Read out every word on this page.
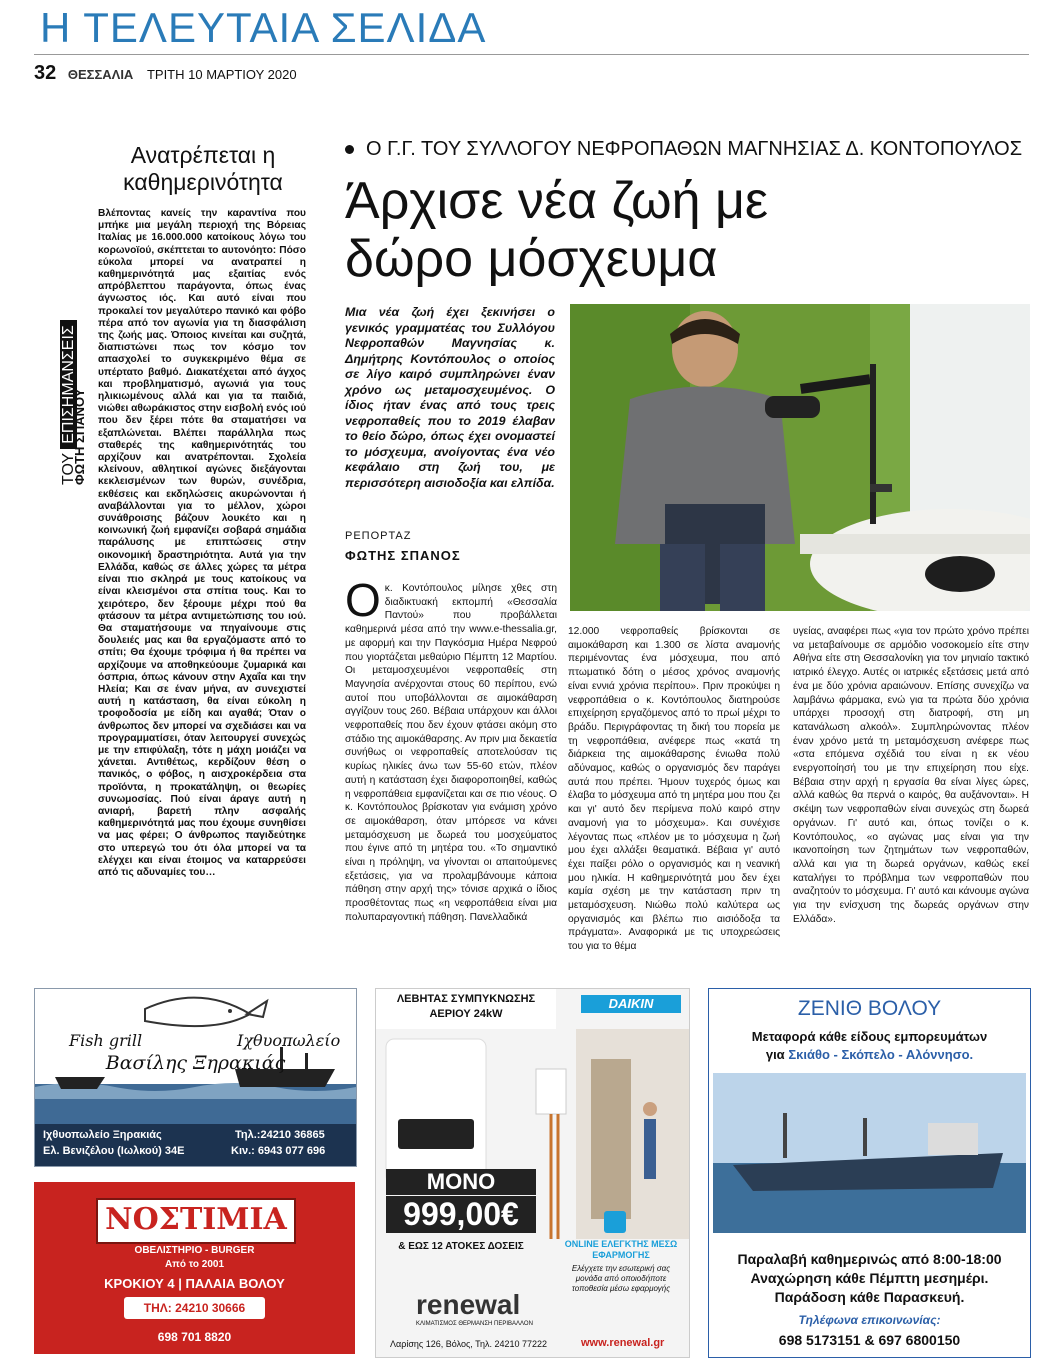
Η ΤΕΛΕΥΤΑΙΑ ΣΕΛΙΔΑ
32 ΘΕΣΣΑΛΙΑ ΤΡΙΤΗ 10 ΜΑΡΤΙΟΥ 2020
ΤΟΥ ΕΠΙΣΗΜΑΝΣΕΙΣ
ΦΩΤΗ ΣΠΑΝΟΥ
Ανατρέπεται η καθημερινότητα
Βλέποντας κανείς την καραντίνα που μπήκε μια μεγάλη περιοχή της Βόρειας Ιταλίας με 16.000.000 κατοίκους λόγω του κορωνοϊού, σκέπτεται το αυτονόητο: Πόσο εύκολα μπορεί να ανατραπεί η καθημερινότητά μας εξαιτίας ενός απρόβλεπτου παράγοντα, όπως ένας άγνωστος ιός. Και αυτό είναι που προκαλεί τον μεγαλύτερο πανικό και φόβο πέρα από τον αγωνία για τη διασφάλιση της ζωής μας. Όποιος κινείται και συζητά, διαπιστώνει πως τον κόσμο τον απασχολεί το συγκεκριμένο θέμα σε υπέρτατο βαθμό. Διακατέχεται από άγχος και προβληματισμό, αγωνιά για τους ηλικιωμένους αλλά και για τα παιδιά, νιώθει αθωράκιστος στην εισβολή ενός ιού που δεν ξέρει πότε θα σταματήσει να εξαπλώνεται. Βλέπει παράλληλα πως σταθερές της καθημερινότητάς του αρχίζουν και ανατρέπονται. Σχολεία κλείνουν, αθλητικοί αγώνες διεξάγονται κεκλεισμένων των θυρών, συνέδρια, εκθέσεις και εκδηλώσεις ακυρώνονται ή αναβάλλονται για το μέλλον, χώροι συνάθροισης βάζουν λουκέτο και η κοινωνική ζωή εμφανίζει σοβαρά σημάδια παράλυσης με επιπτώσεις στην οικονομική δραστηριότητα. Αυτά για την Ελλάδα, καθώς σε άλλες χώρες τα μέτρα είναι πιο σκληρά με τους κατοίκους να είναι κλεισμένοι στα σπίτια τους. Και το χειρότερο, δεν ξέρουμε μέχρι πού θα φτάσουν τα μέτρα αντιμετώπισης του ιού. Θα σταματήσουμε να πηγαίνουμε στις δουλειές μας και θα εργαζόμαστε από το σπίτι; Θα έχουμε τρόφιμα ή θα πρέπει να αρχίζουμε να αποθηκεύουμε ζυμαρικά και όσπρια, όπως κάνουν στην Αχαΐα και την Ηλεία; Και σε έναν μήνα, αν συνεχιστεί αυτή η κατάσταση, θα είναι εύκολη η τροφοδοσία με είδη και αγαθά; Όταν ο άνθρωπος δεν μπορεί να σχεδιάσει και να προγραμματίσει, όταν λειτουργεί συνεχώς με την επιφύλαξη, τότε η μάχη μοιάζει να χάνεται. Αντιθέτως, κερδίζουν θέση ο πανικός, ο φόβος, η αισχροκέρδεια στα προϊόντα, η προκατάληψη, οι θεωρίες συνωμοσίας. Πού είναι άραγε αυτή η ανιαρή, βαρετή πλην ασφαλής καθημερινότητά μας που έχουμε συνηθίσει να μας φέρει; Ο άνθρωπος παγιδεύτηκε στο υπερεγώ του ότι όλα μπορεί να τα ελέγχει και είναι έτοιμος να καταρρεύσει από τις αδυναμίες του…
Ο Γ.Γ. ΤΟΥ ΣΥΛΛΟΓΟΥ ΝΕΦΡΟΠΑΘΩΝ ΜΑΓΝΗΣΙΑΣ Δ. ΚΟΝΤΟΠΟΥΛΟΣ
Άρχισε νέα ζωή με δώρο μόσχευμα
Μια νέα ζωή έχει ξεκινήσει ο γενικός γραμματέας του Συλλόγου Νεφροπαθών Μαγνησίας κ. Δημήτρης Κοντόπουλος ο οποίος σε λίγο καιρό συμπληρώνει έναν χρόνο ως μεταμοσχευμένος. Ο ίδιος ήταν ένας από τους τρεις νεφροπαθείς που το 2019 έλαβαν το θείο δώρο, όπως έχει ονομαστεί το μόσχευμα, ανοίγοντας ένα νέο κεφάλαιο στη ζωή του, με περισσότερη αισιοδοξία και ελπίδα.
ΡΕΠΟΡΤΑΖ
ΦΩΤΗΣ ΣΠΑΝΟΣ
Οκ. Κοντόπουλος μίλησε χθες στη διαδικτυακή εκπομπή «Θεσσαλία Παντού» που προβάλλεται καθημερινά μέσα από την www.e-thessalia.gr, με αφορμή και την Παγκόσμια Ημέρα Νεφρού που γιορτάζεται μεθαύριο Πέμπτη 12 Μαρτίου. Οι μεταμοσχευμένοι νεφροπαθείς στη Μαγνησία ανέρχονται στους 60 περίπου, ενώ αυτοί που υποβάλλονται σε αιμοκάθαρση αγγίζουν τους 260. Βέβαια υπάρχουν και άλλοι νεφροπαθείς που δεν έχουν φτάσει ακόμη στο στάδιο της αιμοκάθαρσης. Αν πριν μια δεκαετία συνήθως οι νεφροπαθείς αποτελούσαν τις κυρίως ηλικίες άνω των 55-60 ετών, πλέον αυτή η κατάσταση έχει διαφοροποιηθεί, καθώς η νεφροπάθεια εμφανίζεται και σε πιο νέους. Ο κ. Κοντόπουλος βρίσκοταν για ενάμιση χρόνο σε αιμοκάθαρση, όταν μπόρεσε να κάνει μεταμόσχευση με δωρεά του μοσχεύματος που έγινε από τη μητέρα του. «Το σημαντικό είναι η πρόληψη, να γίνονται οι απαιτούμενες εξετάσεις, για να προλαμβάνουμε κάποια πάθηση στην αρχή της» τόνισε αρχικά ο ίδιος προσθέτοντας πως «η νεφροπάθεια είναι μια πολυπαραγοντική πάθηση. Πανελλαδικά
12.000 νεφροπαθείς βρίσκονται σε αιμοκάθαρση και 1.300 σε λίστα αναμονής περιμένοντας ένα μόσχευμα, που από πτωματικό δότη ο μέσος χρόνος αναμονής είναι εννιά χρόνια περίπου». Πριν προκύψει η νεφροπάθεια ο κ. Κοντόπουλος διατηρούσε επιχείρηση εργαζόμενος από το πρωί μέχρι το βράδυ. Περιγράφοντας τη δική του πορεία με τη νεφροπάθεια, ανέφερε πως «κατά τη διάρκεια της αιμοκάθαρσης ένιωθα πολύ αδύναμος, καθώς ο οργανισμός δεν παράγει αυτά που πρέπει. Ήμουν τυχερός όμως και έλαβα το μόσχευμα από τη μητέρα μου που ζει και γι' αυτό δεν περίμενα πολύ καιρό στην αναμονή για το μόσχευμα». Και συνέχισε λέγοντας πως «πλέον με το μόσχευμα η ζωή μου έχει αλλάξει θεαματικά. Βέβαια γι' αυτό έχει παίξει ρόλο ο οργανισμός και η νεανική μου ηλικία. Η καθημερινότητά μου δεν έχει καμία σχέση με την κατάσταση πριν τη μεταμόσχευση. Νιώθω πολύ καλύτερα ως οργανισμός και βλέπω πιο αισιόδοξα τα πράγματα». Αναφορικά με τις υποχρεώσεις του για το θέμα
υγείας, αναφέρει πως «για τον πρώτο χρόνο πρέπει να μεταβαίνουμε σε αρμόδιο νοσοκομείο είτε στην Αθήνα είτε στη Θεσσαλονίκη για τον μηνιαίο τακτικό ιατρικό έλεγχο. Αυτές οι ιατρικές εξετάσεις μετά από ένα με δύο χρόνια αραιώνουν. Επίσης συνεχίζω να λαμβάνω φάρμακα, ενώ για τα πρώτα δύο χρόνια υπάρχει προσοχή στη διατροφή, στη μη κατανάλωση αλκοόλ». Συμπληρώνοντας πλέον έναν χρόνο μετά τη μεταμόσχευση ανέφερε πως «στα επόμενα σχέδιά του είναι η εκ νέου ενεργοποίησή του με την επιχείρηση που είχε. Βέβαια στην αρχή η εργασία θα είναι λίγες ώρες, αλλά καθώς θα περνά ο καιρός, θα αυξάνονται». Η σκέψη των νεφροπαθών είναι συνεχώς στη δωρεά οργάνων. Γι' αυτό και, όπως τονίζει ο κ. Κοντόπουλος, «ο αγώνας μας είναι για την ικανοποίηση των ζητημάτων των νεφροπαθών, αλλά και για τη δωρεά οργάνων, καθώς εκεί καταλήγει το πρόβλημα των νεφροπαθών που αναζητούν το μόσχευμα. Γι' αυτό και κάνουμε αγώνα για την ενίσχυση της δωρεάς οργάνων στην Ελλάδα».
Fish grill	Ιχθυοπωλείο
Βασίλης Ξηρακιάς
Ιχθυοπωλείο Ξηρακιάς
Ελ. Βενιζέλου (Ιωλκού) 34Ε
Τηλ.:24210 36865
Κιν.: 6943 077 696
ΝΟΣΤΙΜΙΑ
ΟΒΕΛΙΣΤΗΡΙΟ - BURGER
Από το 2001
ΚΡΟΚΙΟΥ 4 | ΠΑΛΑΙΑ ΒΟΛΟΥ
ΤΗΛ: 24210 30666
698 701 8820
ΛΕΒΗΤΑΣ ΣΥΜΠΥΚΝΩΣΗΣ
ΑΕΡΙΟΥ 24kW
DAIKIN
ΜΟΝΟ
999,00€
& ΕΩΣ 12 ΑΤΟΚΕΣ ΔΟΣΕΙΣ	ONLINE ΕΛΕΓΚΤΗΣ ΜΕΣΩ
ΕΦΑΡΜΟΓΗΣ
Ελέγχετε την εσωτερική σας μονάδα από οποιοδήποτε τοποθεσία μέσω εφαρμογής
renewal
ΚΛΙΜΑΤΙΣΜΟΣ ΘΕΡΜΑΝΣΗ ΠΕΡΙΒΑΛΛΟΝ
Λαρίσης 126, Βόλος, Τηλ. 24210 77222	www.renewal.gr
ΖΕΝΙΘ ΒΟΛΟΥ
Μεταφορά κάθε είδους εμπορευμάτων
για Σκιάθο - Σκόπελο - Αλόννησο.
Παραλαβή καθημερινώς από 8:00-18:00
Αναχώρηση κάθε Πέμπτη μεσημέρι.
Παράδοση κάθε Παρασκευή.
Τηλέφωνα επικοινωνίας:
698 5173151 & 697 6800150
